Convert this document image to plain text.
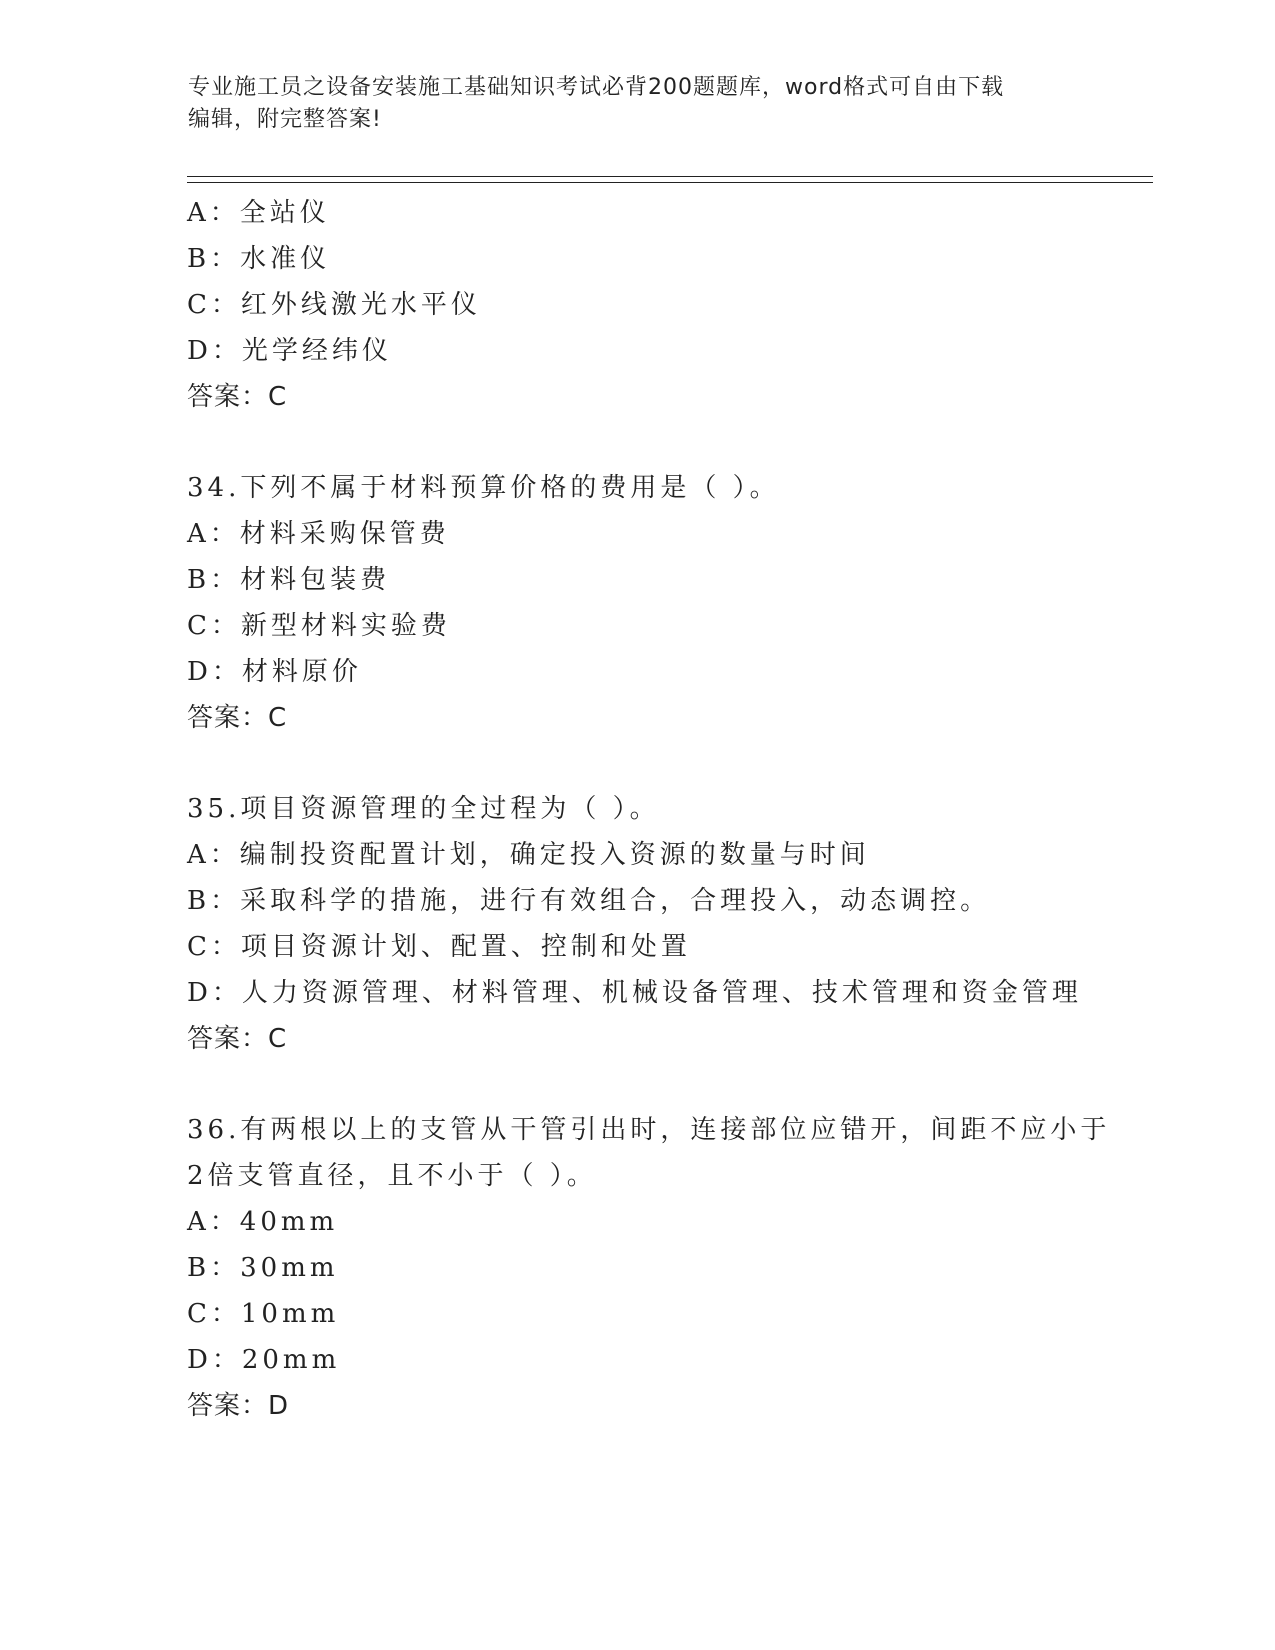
专业施工员之设备安装施工基础知识考试必背200题题库，word格式可自由下载
编辑，附完整答案!
A：全站仪
B：水准仪
C：红外线激光水平仪
D：光学经纬仪
答案：C
34.下列不属于材料预算价格的费用是（ ）。
A：材料采购保管费
B：材料包装费
C：新型材料实验费
D：材料原价
答案：C
35.项目资源管理的全过程为（ ）。
A：编制投资配置计划，确定投入资源的数量与时间
B：采取科学的措施，进行有效组合，合理投入，动态调控。
C：项目资源计划、配置、控制和处置
D：人力资源管理、材料管理、机械设备管理、技术管理和资金管理
答案：C
36.有两根以上的支管从干管引出时，连接部位应错开，间距不应小于
2倍支管直径，且不小于（ ）。
A：40mm
B：30mm
C：10mm
D：20mm
答案：D
